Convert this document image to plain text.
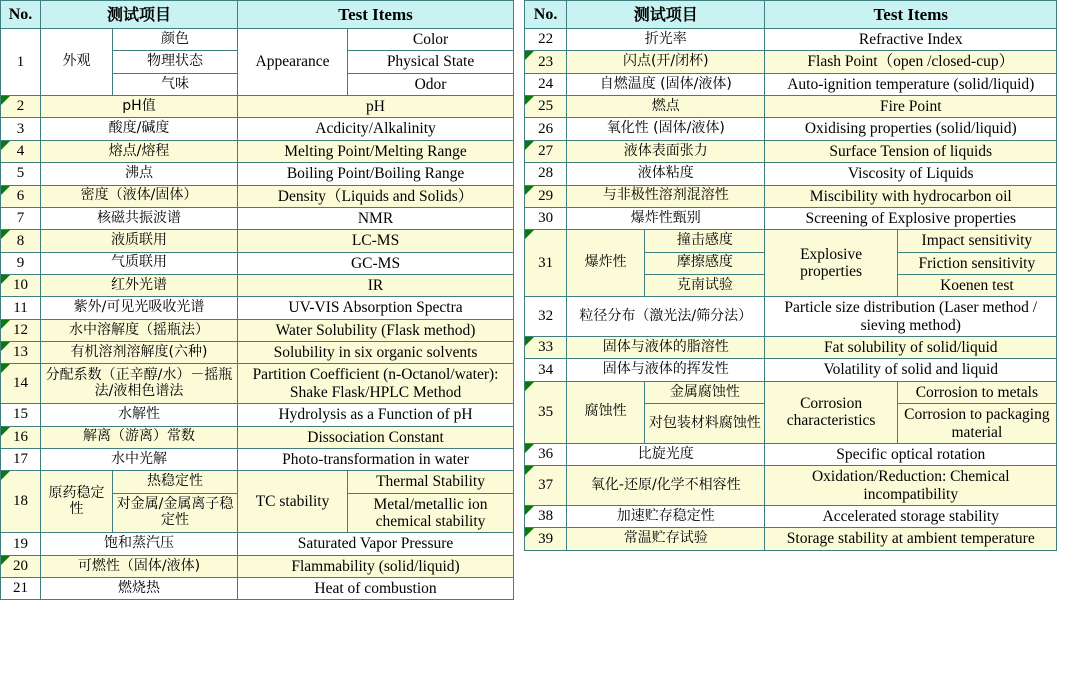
No.	测试项目		Test Items	
1	外观	颜色	Appearance	Color
		物理状态		Physical State
		气味		Odor
2	pH值		pH	
3	酸度/碱度		Acdicity/Alkalinity	
4	熔点/熔程		Melting Point/Melting Range	
5	沸点		Boiling Point/Boiling Range	
6	密度（液体/固体）		Density（Liquids and Solids）	
7	核磁共振波谱		NMR	
8	液质联用		LC-MS	
9	气质联用		GC-MS	
10	红外光谱		IR	
11	紫外/可见光吸收光谱		UV-VIS Absorption Spectra	
12	水中溶解度（摇瓶法）		Water Solubility (Flask method)	
13	有机溶剂溶解度(六种)		Solubility in six organic solvents	
14	分配系数（正辛醇/水）－摇瓶法/液相色谱法		Partition Coefficient (n-Octanol/water): Shake Flask/HPLC Method	
15	水解性		Hydrolysis as a Function of pH	
16	解离（游离）常数		Dissociation Constant	
17	水中光解		Photo-transformation in water	
18	原药稳定性	热稳定性	TC stability	Thermal Stability
		对金属/金属离子稳定性		Metal/metallic ion chemical stability
19	饱和蒸汽压		Saturated Vapor Pressure	
20	可燃性（固体/液体)		Flammability (solid/liquid)	
21	燃烧热		Heat of combustion	
No.	测试项目		Test Items	
22	折光率		Refractive Index	
23	闪点(开/闭杯)		Flash Point（open /closed-cup）	
24	自燃温度 (固体/液体)		Auto-ignition temperature (solid/liquid)	
25	燃点		Fire Point	
26	氧化性 (固体/液体)		Oxidising properties (solid/liquid)	
27	液体表面张力		Surface Tension of liquids	
28	液体粘度		Viscosity of Liquids	
29	与非极性溶剂混溶性		Miscibility with hydrocarbon oil	
30	爆炸性甄别		Screening of Explosive properties	
31	爆炸性	撞击感度	Explosive properties	Impact sensitivity
		摩擦感度		Friction sensitivity
		克南试验		Koenen test
32	粒径分布（激光法/筛分法）		Particle size distribution (Laser method / sieving method)	
33	固体与液体的脂溶性		Fat solubility of solid/liquid	
34	固体与液体的挥发性		Volatility of solid and liquid	
35	腐蚀性	金属腐蚀性	Corrosion characteristics	Corrosion to metals
		对包装材料腐蚀性		Corrosion to packaging material
36	比旋光度		Specific optical rotation	
37	氧化-还原/化学不相容性		Oxidation/Reduction: Chemical incompatibility	
38	加速贮存稳定性		Accelerated storage stability	
39	常温贮存试验		Storage stability at ambient temperature	
